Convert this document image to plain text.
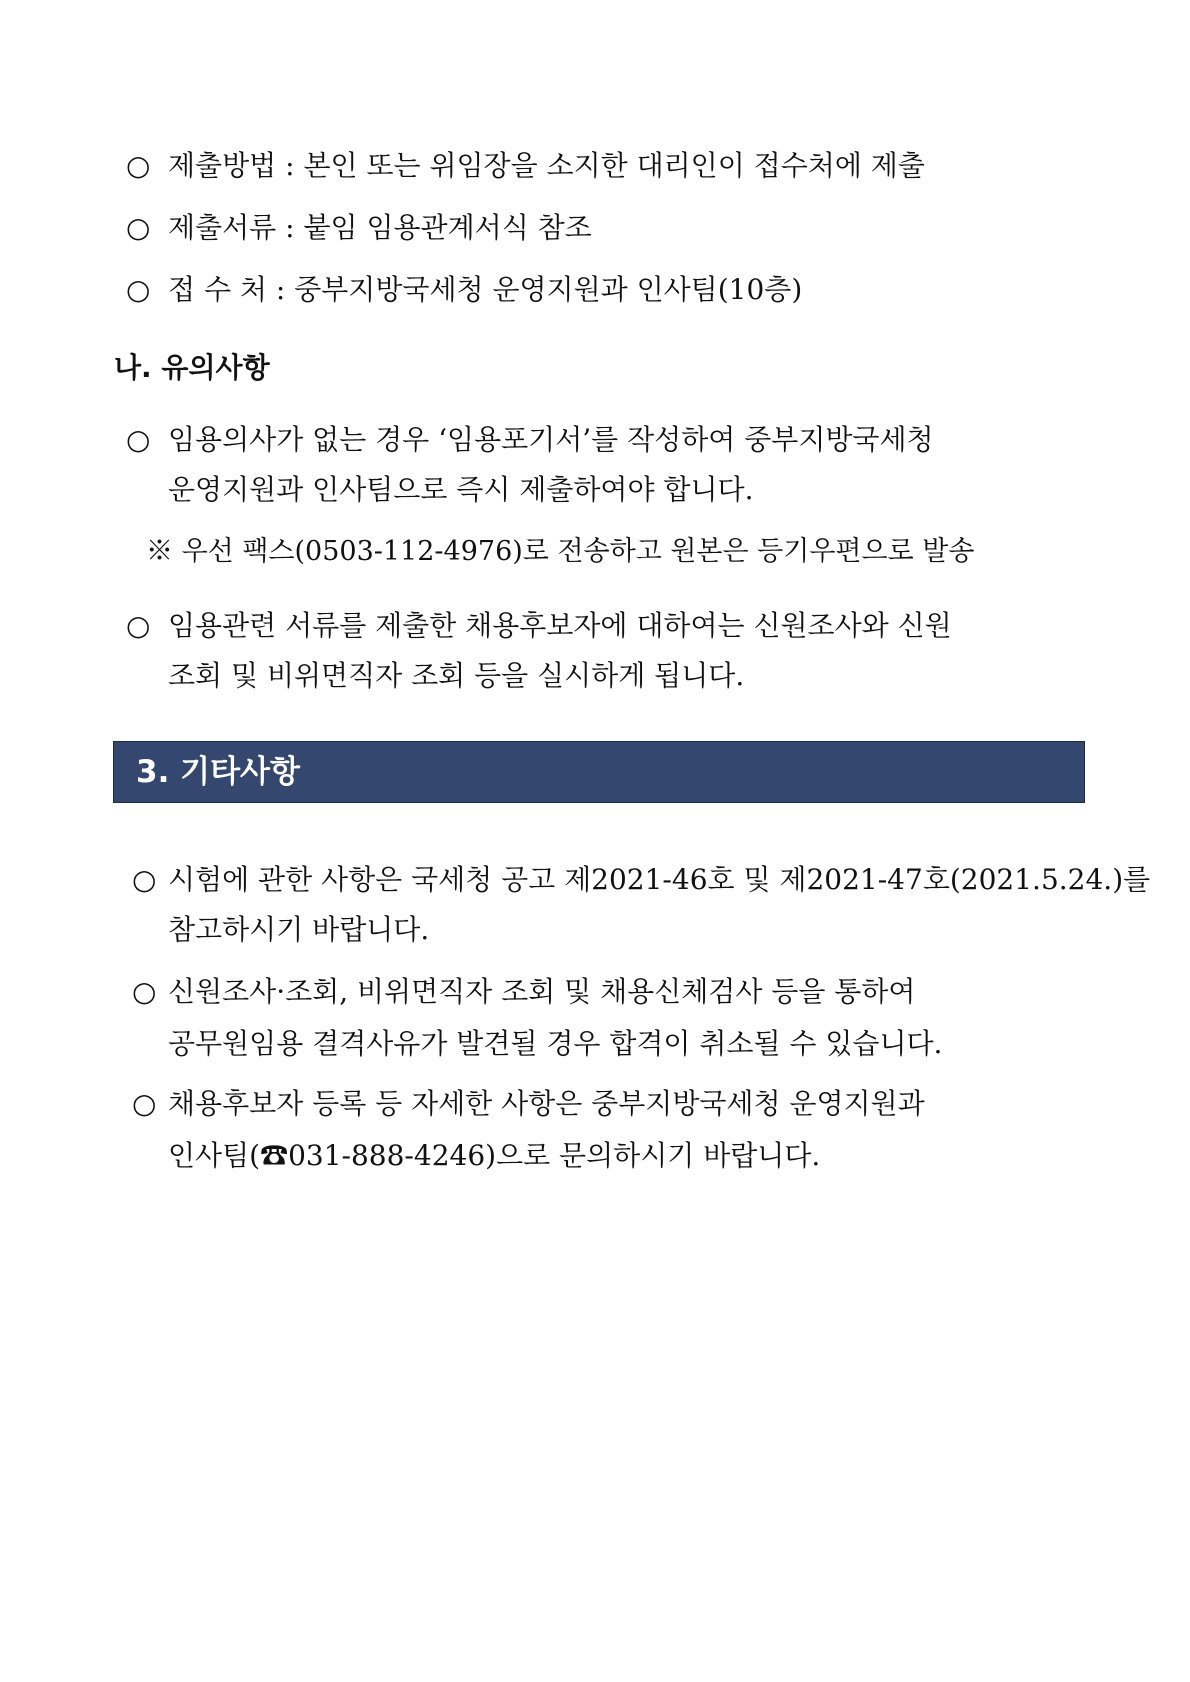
○ 제출방법 : 본인 또는 위임장을 소지한 대리인이 접수처에 제출
○ 제출서류 : 붙임 임용관계서식 참조
○ 접 수 처 : 중부지방국세청 운영지원과 인사팀(10층)
나. 유의사항
○ 임용의사가 없는 경우 ‘임용포기서’를 작성하여 중부지방국세청
운영지원과 인사팀으로 즉시 제출하여야 합니다.
※ 우선 팩스(0503-112-4976)로 전송하고 원본은 등기우편으로 발송
○ 임용관련 서류를 제출한 채용후보자에 대하여는 신원조사와 신원
조회 및 비위면직자 조회 등을 실시하게 됩니다.
3. 기타사항
○ 시험에 관한 사항은 국세청 공고 제2021-46호 및 제2021-47호(2021.5.24.)를
참고하시기 바랍니다.
○ 신원조사·조회, 비위면직자 조회 및 채용신체검사 등을 통하여
공무원임용 결격사유가 발견될 경우 합격이 취소될 수 있습니다.
○ 채용후보자 등록 등 자세한 사항은 중부지방국세청 운영지원과
인사팀(☎031-888-4246)으로 문의하시기 바랍니다.
